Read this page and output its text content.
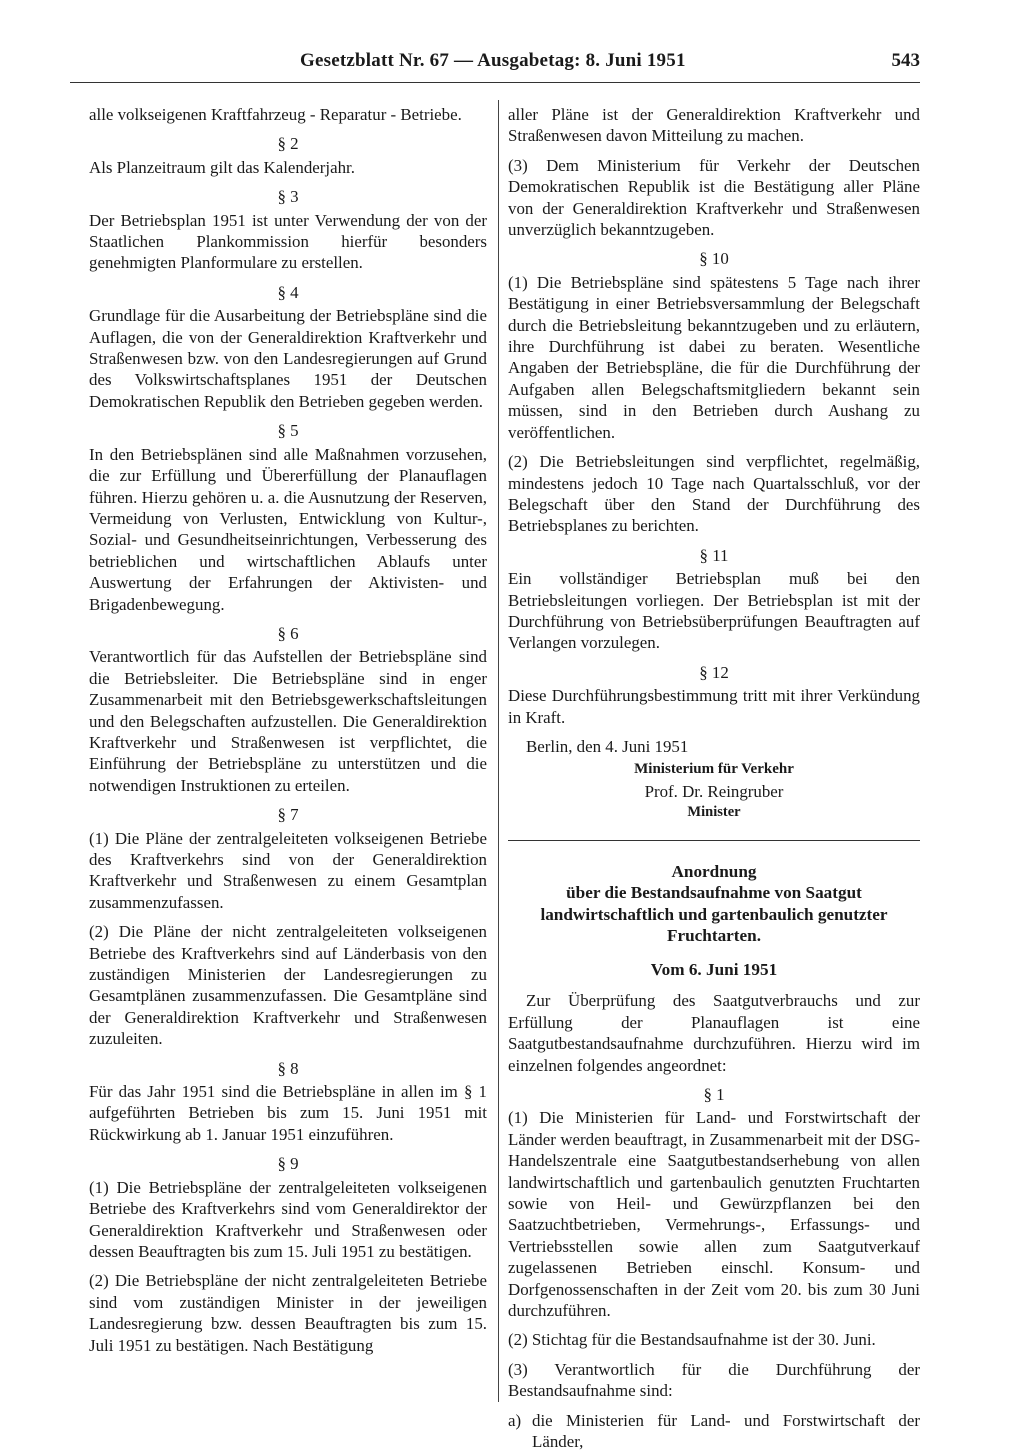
Gesetzblatt Nr. 67 — Ausgabetag: 8. Juni 1951	543

alle volkseigenen Kraftfahrzeug - Reparatur - Betriebe.

§ 2

Als Planzeitraum gilt das Kalenderjahr.

§ 3

Der Betriebsplan 1951 ist unter Verwendung der von der Staatlichen Plankommission hierfür besonders genehmigten Planformulare zu erstellen.

§ 4

Grundlage für die Ausarbeitung der Betriebspläne sind die Auflagen, die von der Generaldirektion Kraftverkehr und Straßenwesen bzw. von den Landesregierungen auf Grund des Volkswirtschaftsplanes 1951 der Deutschen Demokratischen Republik den Betrieben gegeben werden.

§ 5

In den Betriebsplänen sind alle Maßnahmen vorzusehen, die zur Erfüllung und Übererfüllung der Planauflagen führen. Hierzu gehören u. a. die Ausnutzung der Reserven, Vermeidung von Verlusten, Entwicklung von Kultur-, Sozial- und Gesundheitseinrichtungen, Verbesserung des betrieblichen und wirtschaftlichen Ablaufs unter Auswertung der Erfahrungen der Aktivisten- und Brigadenbewegung.

§ 6

Verantwortlich für das Aufstellen der Betriebspläne sind die Betriebsleiter. Die Betriebspläne sind in enger Zusammenarbeit mit den Betriebsgewerkschaftsleitungen und den Belegschaften aufzustellen. Die Generaldirektion Kraftverkehr und Straßenwesen ist verpflichtet, die Einführung der Betriebspläne zu unterstützen und die notwendigen Instruktionen zu erteilen.

§ 7

(1) Die Pläne der zentralgeleiteten volkseigenen Betriebe des Kraftverkehrs sind von der Generaldirektion Kraftverkehr und Straßenwesen zu einem Gesamtplan zusammenzufassen.

(2) Die Pläne der nicht zentralgeleiteten volkseigenen Betriebe des Kraftverkehrs sind auf Länderbasis von den zuständigen Ministerien der Landesregierungen zu Gesamtplänen zusammenzufassen. Die Gesamtpläne sind der Generaldirektion Kraftverkehr und Straßenwesen zuzuleiten.

§ 8

Für das Jahr 1951 sind die Betriebspläne in allen im § 1 aufgeführten Betrieben bis zum 15. Juni 1951 mit Rückwirkung ab 1. Januar 1951 einzuführen.

§ 9

(1) Die Betriebspläne der zentralgeleiteten volkseigenen Betriebe des Kraftverkehrs sind vom Generaldirektor der Generaldirektion Kraftverkehr und Straßenwesen oder dessen Beauftragten bis zum 15. Juli 1951 zu bestätigen.

(2) Die Betriebspläne der nicht zentralgeleiteten Betriebe sind vom zuständigen Minister in der jeweiligen Landesregierung bzw. dessen Beauftragten bis zum 15. Juli 1951 zu bestätigen. Nach Bestätigung

aller Pläne ist der Generaldirektion Kraftverkehr und Straßenwesen davon Mitteilung zu machen.

(3) Dem Ministerium für Verkehr der Deutschen Demokratischen Republik ist die Bestätigung aller Pläne von der Generaldirektion Kraftverkehr und Straßenwesen unverzüglich bekanntzugeben.

§ 10

(1) Die Betriebspläne sind spätestens 5 Tage nach ihrer Bestätigung in einer Betriebsversammlung der Belegschaft durch die Betriebsleitung bekanntzugeben und zu erläutern, ihre Durchführung ist dabei zu beraten. Wesentliche Angaben der Betriebspläne, die für die Durchführung der Aufgaben allen Belegschaftsmitgliedern bekannt sein müssen, sind in den Betrieben durch Aushang zu veröffentlichen.

(2) Die Betriebsleitungen sind verpflichtet, regelmäßig, mindestens jedoch 10 Tage nach Quartalsschluß, vor der Belegschaft über den Stand der Durchführung des Betriebsplanes zu berichten.

§ 11

Ein vollständiger Betriebsplan muß bei den Betriebsleitungen vorliegen. Der Betriebsplan ist mit der Durchführung von Betriebsüberprüfungen Beauftragten auf Verlangen vorzulegen.

§ 12

Diese Durchführungsbestimmung tritt mit ihrer Verkündung in Kraft.

Berlin, den 4. Juni 1951

Ministerium für Verkehr

Prof. Dr. Reingruber

Minister

Anordnung

über die Bestandsaufnahme von Saatgut landwirtschaftlich und gartenbaulich genutzter Fruchtarten.

Vom 6. Juni 1951

Zur Überprüfung des Saatgutverbrauchs und zur Erfüllung der Planauflagen ist eine Saatgutbestandsaufnahme durchzuführen. Hierzu wird im einzelnen folgendes angeordnet:

§ 1

(1) Die Ministerien für Land- und Forstwirtschaft der Länder werden beauftragt, in Zusammenarbeit mit der DSG-Handelszentrale eine Saatgutbestandserhebung von allen landwirtschaftlich und gartenbaulich genutzten Fruchtarten sowie von Heil- und Gewürzpflanzen bei den Saatzuchtbetrieben, Vermehrungs-, Erfassungs- und Vertriebsstellen sowie allen zum Saatgutverkauf zugelassenen Betrieben einschl. Konsum- und Dorfgenossenschaften in der Zeit vom 20. bis zum 30 Juni durchzuführen.

(2) Stichtag für die Bestandsaufnahme ist der 30. Juni.

(3) Verantwortlich für die Durchführung der Bestandsaufnahme sind:

a) die Ministerien für Land- und Forstwirtschaft der Länder,
